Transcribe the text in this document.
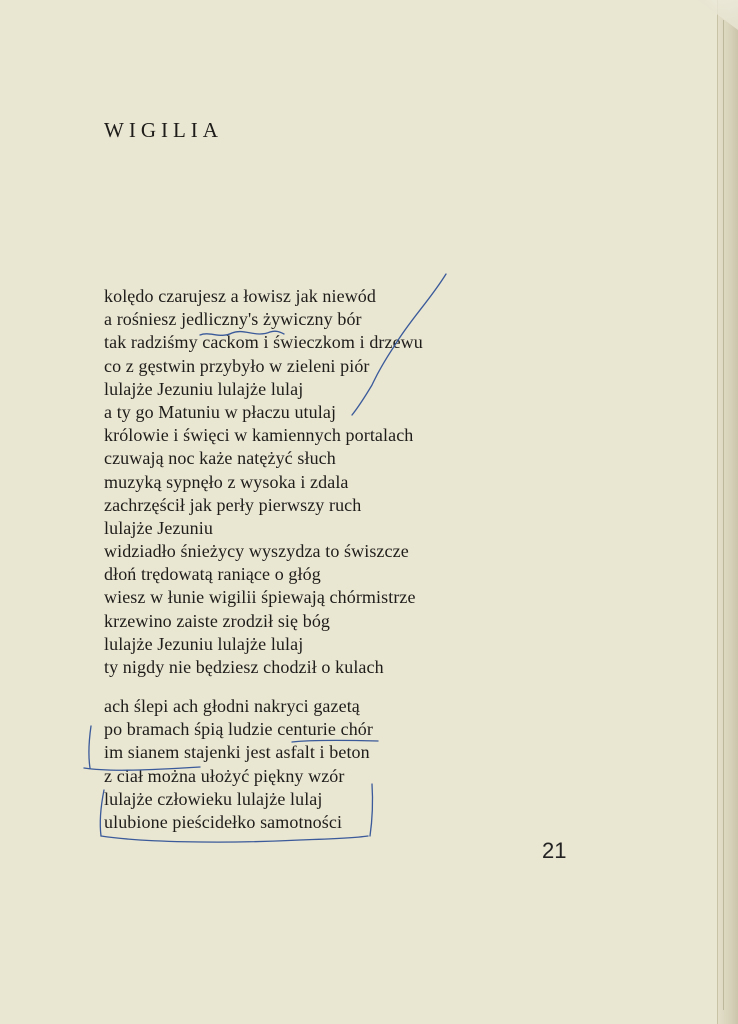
WIGILIA
kolędo czarujesz a łowisz jak niewód
a rośniesz jedliczny's żywiczny bór
tak radziśmy cackom i świeczkom i drzewu
co z gęstwin przybyło w zieleni piór
lulajże Jezuniu lulajże lulaj
a ty go Matuniu w płaczu utulaj
królowie i święci w kamiennych portalach
czuwają noc każe natężyć słuch
muzyką sypnęło z wysoka i zdala
zachrzęścił jak perły pierwszy ruch
lulajże Jezuniu
widziadło śnieżycy wyszydza to świszcze
dłoń trędowatą raniące o głóg
wiesz w łunie wigilii śpiewają chórmistrze
krzewino zaiste zrodził się bóg
lulajże Jezuniu lulajże lulaj
ty nigdy nie będziesz chodził o kulach
ach ślepi ach głodni nakryci gazetą
po bramach śpią ludzie centurie chór
im sianem stajenki jest asfalt i beton
z ciał można ułożyć piękny wzór
lulajże człowieku lulajże lulaj
ulubione pieścidełko samotności
21
